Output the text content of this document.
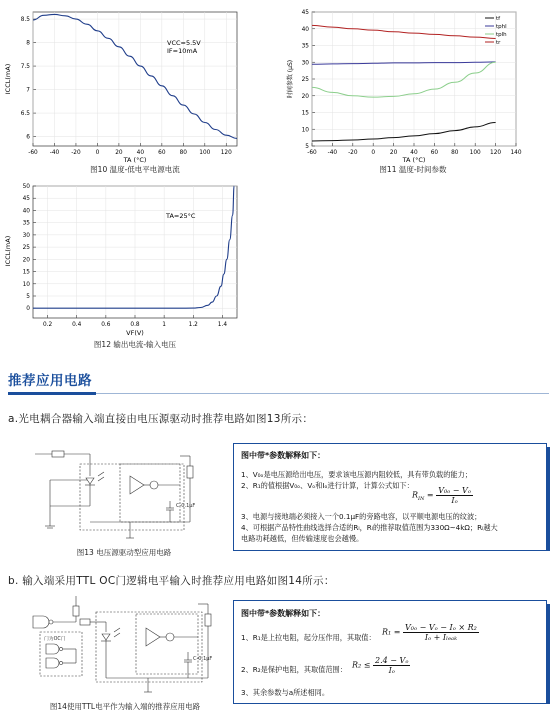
6
6.5
7
7.5
8
8.5
-60 -40 -20	0	20 40 60 80 100 120
VCC=5.5V
IF=10mA
TA (°C)
ICCL(mA)
图10 温度-低电平电源电流
5
10
15
20
25
30
35
40
45
-60 -40 -20 0	20 40 60 80 100 120 140
tf
tphl
tplh
tr
TA (°C)
时间参数 (μS)
图11 温度-时间参数
0
5
10
15
20
25
30
35
40
45
50
0.2	0.4	0.6	0.8	1	1.2	1.4
TA=25°C
VF(V)
ICCL(mA)
图12 输出电流-输入电压
推荐应用电路
a.光电耦合器输入端直接由电压源驱动时推荐电路如图13所示：
C-0.1μF
图13 电压源驱动型应用电路
图中带*参数解释如下：
1、V₀ₒ是电压源给出电压，要求该电压源内阻较低，具有带负载的能力；
2、R₁的值根据V₀ₒ、Vₒ和Iₒ进行计算，计算公式如下：
$R_{IN} = \frac{\text{V₀ₒ − Vₒ}}{\text{Iₒ}}$
3、电源与接地端必须接入一个0.1μF的旁路电容，以平顺电源电压的纹波；
4、可根据产品特性曲线选择合适的Rₗ，Rₗ的推荐取值范围为330Ω~4kΩ；Rₗ越大
电路功耗越低，但传输速度也会越慢。
b. 输入端采用TTL OC门逻辑电平输入时推荐应用电路如图14所示：
门为OC门
C-0.1μF
图14使用TTL电平作为输入端的推荐应用电路
图中带*参数解释如下：
1、R₁是上拉电阻，起分压作用，其取值：
$R_1 = \frac{\text{V₀ₒ − Vₒ − Iₒ × R₂}}{\text{Iₒ + Iₗₑₐₖ}}$
2、R₂是保护电阻，其取值范围： $R_2 \le \frac{\text{2.4 − Vₒ}}{\text{Iₒ}}$
3、其余参数与a所述相同。
